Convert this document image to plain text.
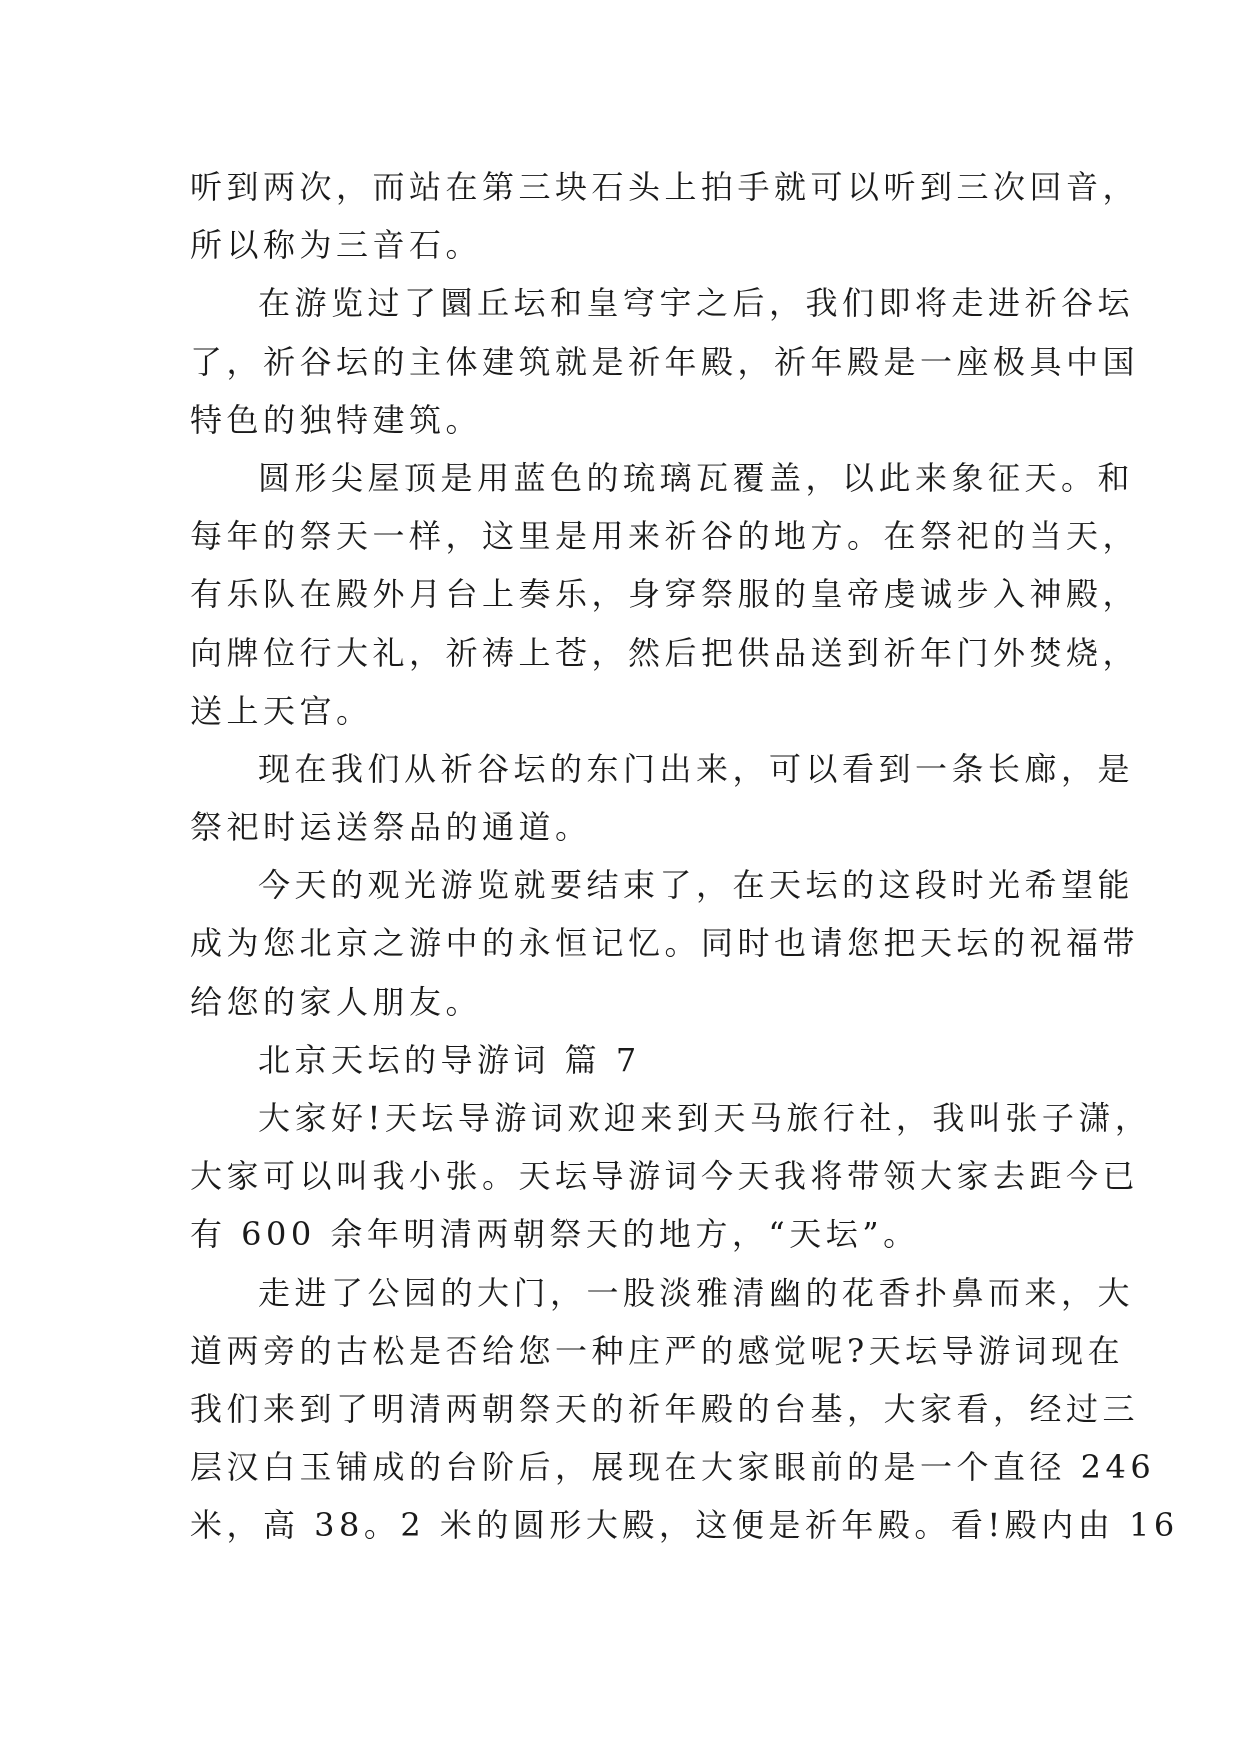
听到两次，而站在第三块石头上拍手就可以听到三次回音，
所以称为三音石。
在游览过了圜丘坛和皇穹宇之后，我们即将走进祈谷坛
了，祈谷坛的主体建筑就是祈年殿，祈年殿是一座极具中国
特色的独特建筑。
圆形尖屋顶是用蓝色的琉璃瓦覆盖，以此来象征天。和
每年的祭天一样，这里是用来祈谷的地方。在祭祀的当天，
有乐队在殿外月台上奏乐，身穿祭服的皇帝虔诚步入神殿，
向牌位行大礼，祈祷上苍，然后把供品送到祈年门外焚烧，
送上天宫。
现在我们从祈谷坛的东门出来，可以看到一条长廊，是
祭祀时运送祭品的通道。
今天的观光游览就要结束了，在天坛的这段时光希望能
成为您北京之游中的永恒记忆。同时也请您把天坛的祝福带
给您的家人朋友。
北京天坛的导游词 篇 7
大家好!天坛导游词欢迎来到天马旅行社，我叫张子潇，
大家可以叫我小张。天坛导游词今天我将带领大家去距今已
有 600 余年明清两朝祭天的地方，“天坛”。
走进了公园的大门，一股淡雅清幽的花香扑鼻而来，大
道两旁的古松是否给您一种庄严的感觉呢?天坛导游词现在
我们来到了明清两朝祭天的祈年殿的台基，大家看，经过三
层汉白玉铺成的台阶后，展现在大家眼前的是一个直径 246
米，高 38。2 米的圆形大殿，这便是祈年殿。看!殿内由 16
